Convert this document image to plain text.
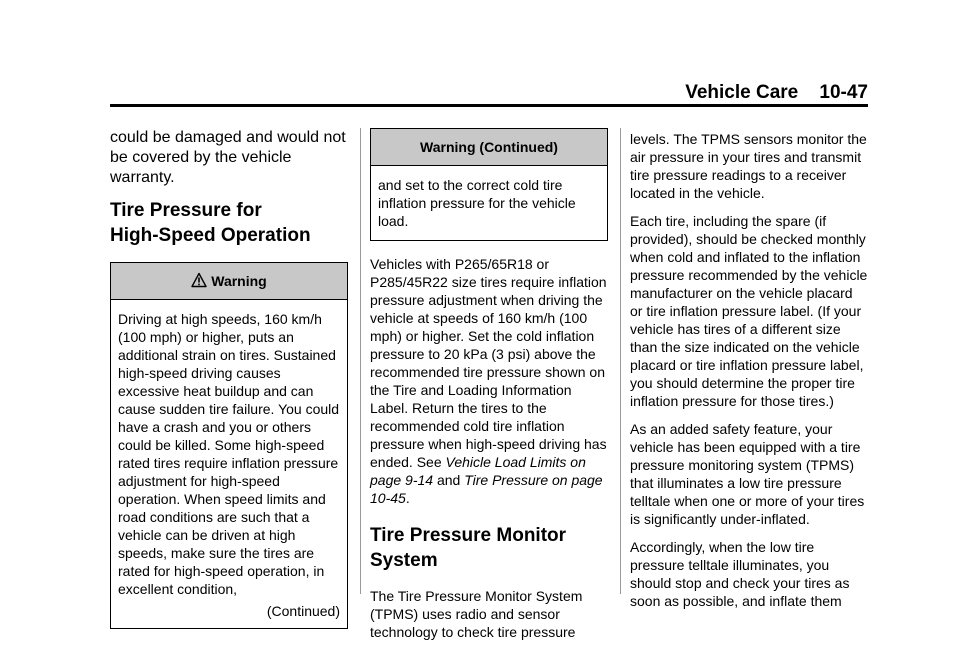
Vehicle Care 10-47

could be damaged and would not be covered by the vehicle warranty.

Tire Pressure for
High-Speed Operation
Warning

Driving at high speeds, 160 km/h (100 mph) or higher, puts an additional strain on tires. Sustained high-speed driving causes excessive heat buildup and can cause sudden tire failure. You could have a crash and you or others could be killed. Some high-speed rated tires require inflation pressure adjustment for high-speed operation. When speed limits and road conditions are such that a vehicle can be driven at high speeds, make sure the tires are rated for high-speed operation, in excellent condition,

(Continued)

Warning (Continued)

and set to the correct cold tire inflation pressure for the vehicle load.

Vehicles with P265/65R18 or P285/45R22 size tires require inflation pressure adjustment when driving the vehicle at speeds of 160 km/h (100 mph) or higher. Set the cold inflation pressure to 20 kPa (3 psi) above the recommended tire pressure shown on the Tire and Loading Information Label. Return the tires to the recommended cold tire inflation pressure when high-speed driving has ended. See Vehicle Load Limits on page 9-14 and Tire Pressure on page 10-45.

Tire Pressure Monitor
System

The Tire Pressure Monitor System (TPMS) uses radio and sensor technology to check tire pressure

levels. The TPMS sensors monitor the air pressure in your tires and transmit tire pressure readings to a receiver located in the vehicle.

Each tire, including the spare (if provided), should be checked monthly when cold and inflated to the inflation pressure recommended by the vehicle manufacturer on the vehicle placard or tire inflation pressure label. (If your vehicle has tires of a different size than the size indicated on the vehicle placard or tire inflation pressure label, you should determine the proper tire inflation pressure for those tires.)

As an added safety feature, your vehicle has been equipped with a tire pressure monitoring system (TPMS) that illuminates a low tire pressure telltale when one or more of your tires is significantly under-inflated.

Accordingly, when the low tire pressure telltale illuminates, you should stop and check your tires as soon as possible, and inflate them
